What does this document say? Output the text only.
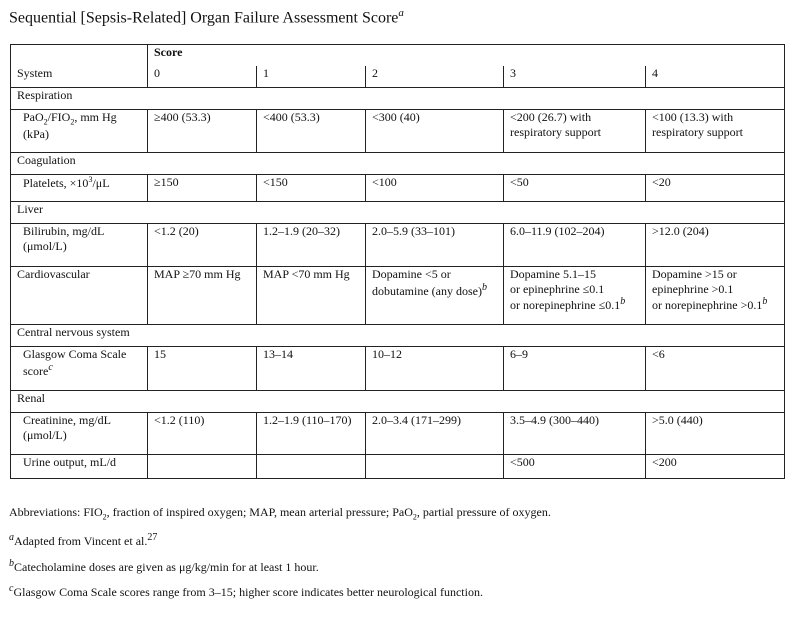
Sequential [Sepsis-Related] Organ Failure Assessment Score$^a$
	Score				
System	0	1	2	3	4
Respiration					
$PaO_2/FIO_2$, mm Hg
(kPa)	≥400 (53.3)	<400 (53.3)	<300 (40)	<200 (26.7) with respiratory support	<100 (13.3) with respiratory support
Coagulation					
Platelets, $\times 10^3/\mu L$	≥150	<150	<100	<50	<20
Liver					
Bilirubin, mg/dL
(μmol/L)	<1.2 (20)	1.2–1.9 (20–32)	2.0–5.9 (33–101)	6.0–11.9 (102–204)	>12.0 (204)
Cardiovascular	MAP ≥70 mm Hg	MAP <70 mm Hg	Dopamine <5 or
dobutamine (any dose)$^b$	Dopamine 5.1–15
or epinephrine ≤0.1
or norepinephrine ≤0.1$^b$	Dopamine >15 or
epinephrine >0.1
or norepinephrine >0.1$^b$
Central nervous system					
Glasgow Coma Scale
score$^c$	15	13–14	10–12	6–9	<6
Renal					
Creatinine, mg/dL
(μmol/L)	<1.2 (110)	1.2–1.9 (110–170)	2.0–3.4 (171–299)	3.5–4.9 (300–440)	>5.0 (440)
Urine output, mL/d				<500	<200

Abbreviations: $FIO_2$, fraction of inspired oxygen; MAP, mean arterial pressure; PaO$_2$, partial pressure of oxygen.

$^a$Adapted from Vincent et al.$^{27}$

$^b$Catecholamine doses are given as μg/kg/min for at least 1 hour.

$^c$Glasgow Coma Scale scores range from 3–15; higher score indicates better neurological function.
